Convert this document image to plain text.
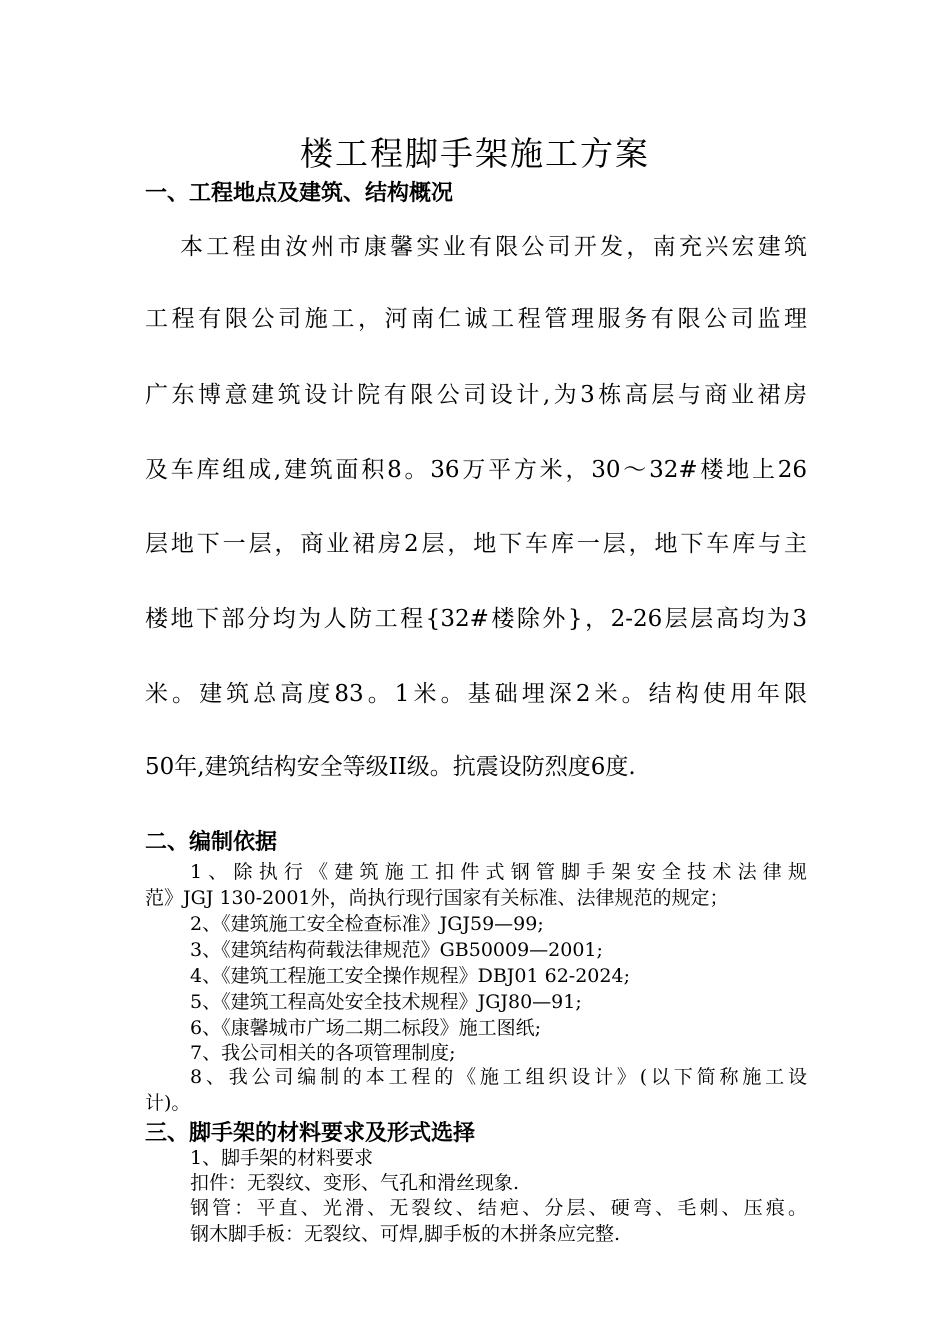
楼工程脚手架施工方案
一、工程地点及建筑、结构概况
本工程由汝州市康馨实业有限公司开发，南充兴宏建筑
工程有限公司施工，河南仁诚工程管理服务有限公司监理
广东博意建筑设计院有限公司设计,为3栋高层与商业裙房
及车库组成,建筑面积8。36万平方米，30～32#楼地上26
层地下一层，商业裙房2层，地下车库一层，地下车库与主
楼地下部分均为人防工程{32#楼除外}，2-26层层高均为3
米。建筑总高度83。1米。基础埋深2米。结构使用年限
50年,建筑结构安全等级II级。抗震设防烈度6度.
二、编制依据
1、除执行《建筑施工扣件式钢管脚手架安全技术法律规
范》JGJ 130-2001外，尚执行现行国家有关标准、法律规范的规定；
2、《建筑施工安全检查标准》JGJ59—99;
3、《建筑结构荷载法律规范》GB50009—2001;
4、《建筑工程施工安全操作规程》DBJ01 62-2024;
5、《建筑工程高处安全技术规程》JGJ80—91;
6、《康馨城市广场二期二标段》施工图纸;
7、我公司相关的各项管理制度;
8、我公司编制的本工程的《施工组织设计》(以下简称施工设
计)。
三、脚手架的材料要求及形式选择
1、脚手架的材料要求
扣件：无裂纹、变形、气孔和滑丝现象.
钢管：平直、光滑、无裂纹、结疤、分层、硬弯、毛刺、压痕。
钢木脚手板：无裂纹、可焊,脚手板的木拼条应完整.
